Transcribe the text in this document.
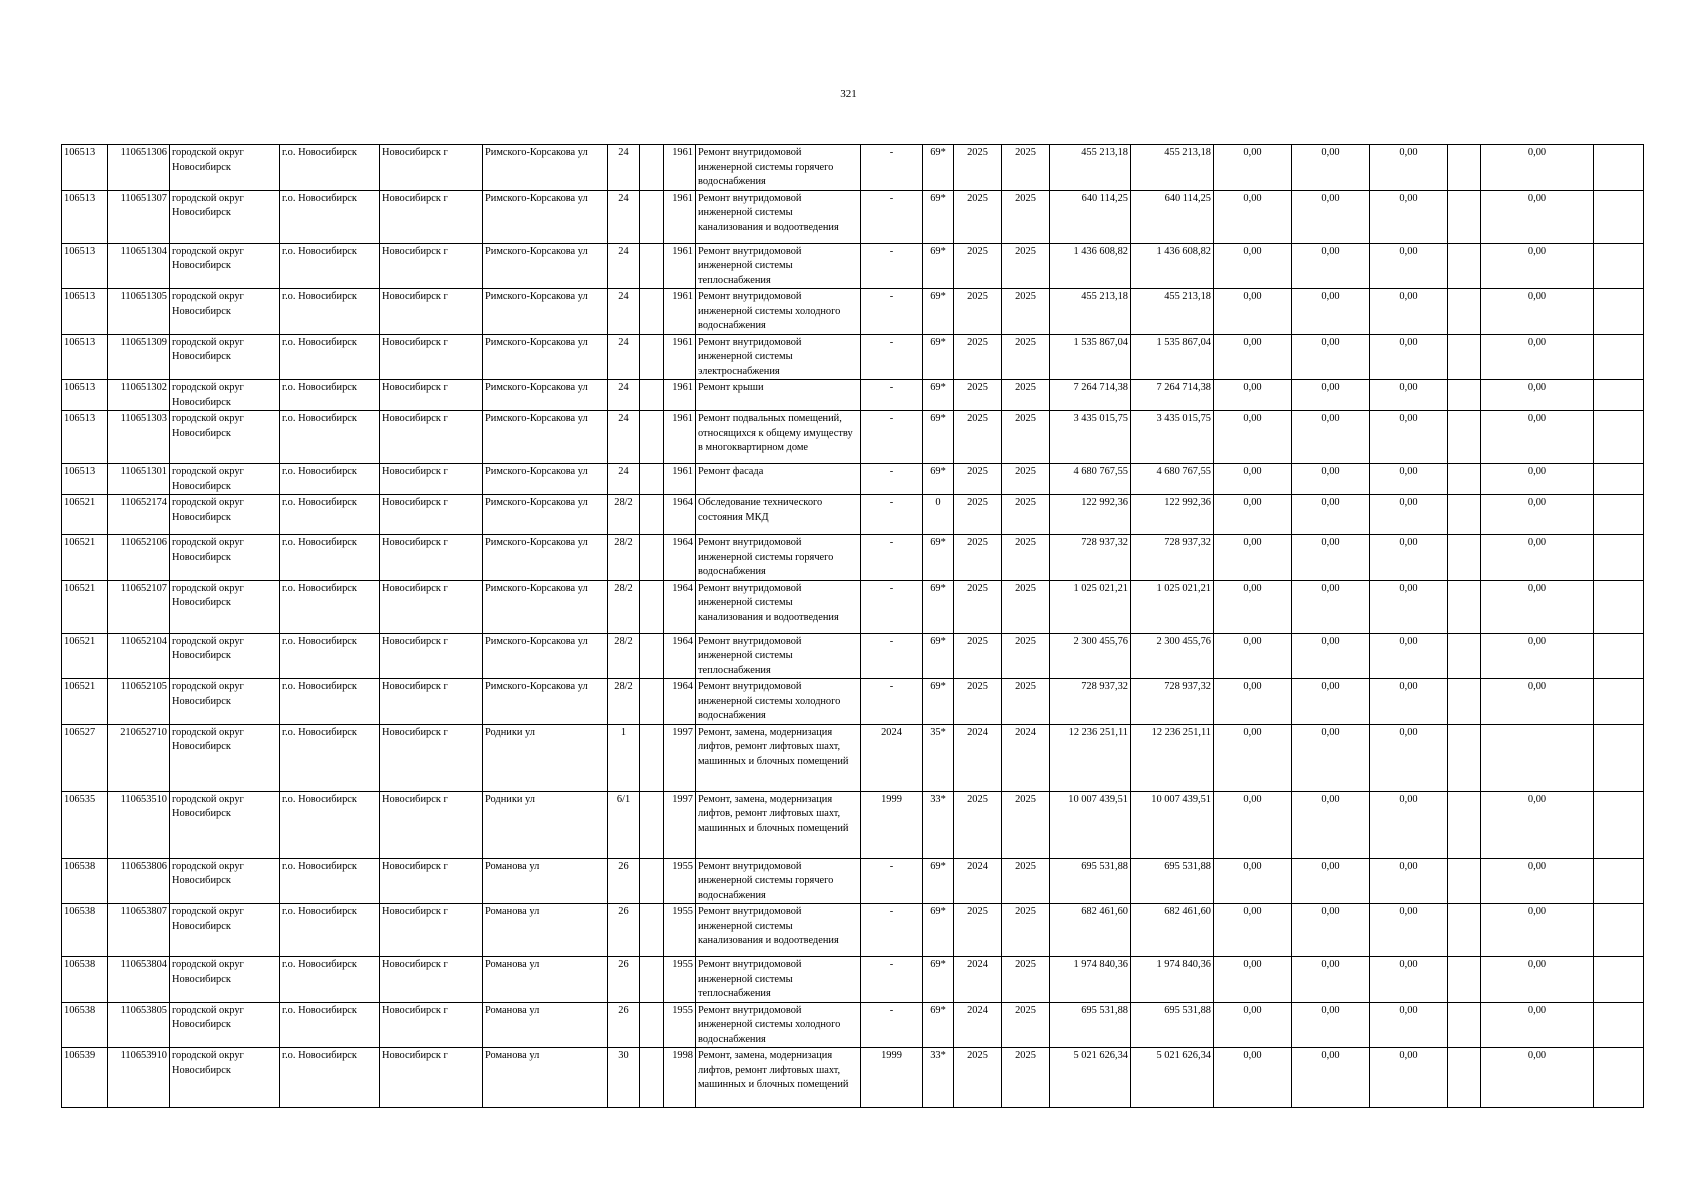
321
106513	110651306	городской округ Новосибирск	г.о. Новосибирск	Новосибирск г	Римского-Корсакова ул	24		1961	Ремонт внутридомовой инженерной системы горячего водоснабжения	-	69*	2025	2025	455 213,18	455 213,18	0,00	0,00	0,00		0,00	
106513	110651307	городской округ Новосибирск	г.о. Новосибирск	Новосибирск г	Римского-Корсакова ул	24		1961	Ремонт внутридомовой инженерной системы канализования и водоотведения	-	69*	2025	2025	640 114,25	640 114,25	0,00	0,00	0,00		0,00	
106513	110651304	городской округ Новосибирск	г.о. Новосибирск	Новосибирск г	Римского-Корсакова ул	24		1961	Ремонт внутридомовой инженерной системы теплоснабжения	-	69*	2025	2025	1 436 608,82	1 436 608,82	0,00	0,00	0,00		0,00	
106513	110651305	городской округ Новосибирск	г.о. Новосибирск	Новосибирск г	Римского-Корсакова ул	24		1961	Ремонт внутридомовой инженерной системы холодного водоснабжения	-	69*	2025	2025	455 213,18	455 213,18	0,00	0,00	0,00		0,00	
106513	110651309	городской округ Новосибирск	г.о. Новосибирск	Новосибирск г	Римского-Корсакова ул	24		1961	Ремонт внутридомовой инженерной системы электроснабжения	-	69*	2025	2025	1 535 867,04	1 535 867,04	0,00	0,00	0,00		0,00	
106513	110651302	городской округ Новосибирск	г.о. Новосибирск	Новосибирск г	Римского-Корсакова ул	24		1961	Ремонт крыши	-	69*	2025	2025	7 264 714,38	7 264 714,38	0,00	0,00	0,00		0,00	
106513	110651303	городской округ Новосибирск	г.о. Новосибирск	Новосибирск г	Римского-Корсакова ул	24		1961	Ремонт подвальных помещений, относящихся к общему имуществу в многоквартирном доме	-	69*	2025	2025	3 435 015,75	3 435 015,75	0,00	0,00	0,00		0,00	
106513	110651301	городской округ Новосибирск	г.о. Новосибирск	Новосибирск г	Римского-Корсакова ул	24		1961	Ремонт фасада	-	69*	2025	2025	4 680 767,55	4 680 767,55	0,00	0,00	0,00		0,00	
106521	110652174	городской округ Новосибирск	г.о. Новосибирск	Новосибирск г	Римского-Корсакова ул	28/2		1964	Обследование технического состояния МКД	-	0	2025	2025	122 992,36	122 992,36	0,00	0,00	0,00		0,00	
106521	110652106	городской округ Новосибирск	г.о. Новосибирск	Новосибирск г	Римского-Корсакова ул	28/2		1964	Ремонт внутридомовой инженерной системы горячего водоснабжения	-	69*	2025	2025	728 937,32	728 937,32	0,00	0,00	0,00		0,00	
106521	110652107	городской округ Новосибирск	г.о. Новосибирск	Новосибирск г	Римского-Корсакова ул	28/2		1964	Ремонт внутридомовой инженерной системы канализования и водоотведения	-	69*	2025	2025	1 025 021,21	1 025 021,21	0,00	0,00	0,00		0,00	
106521	110652104	городской округ Новосибирск	г.о. Новосибирск	Новосибирск г	Римского-Корсакова ул	28/2		1964	Ремонт внутридомовой инженерной системы теплоснабжения	-	69*	2025	2025	2 300 455,76	2 300 455,76	0,00	0,00	0,00		0,00	
106521	110652105	городской округ Новосибирск	г.о. Новосибирск	Новосибирск г	Римского-Корсакова ул	28/2		1964	Ремонт внутридомовой инженерной системы холодного водоснабжения	-	69*	2025	2025	728 937,32	728 937,32	0,00	0,00	0,00		0,00	
106527	210652710	городской округ Новосибирск	г.о. Новосибирск	Новосибирск г	Родники ул	1		1997	Ремонт, замена, модернизация лифтов, ремонт лифтовых шахт, машинных и блочных помещений	2024	35*	2024	2024	12 236 251,11	12 236 251,11	0,00	0,00	0,00			
106535	110653510	городской округ Новосибирск	г.о. Новосибирск	Новосибирск г	Родники ул	6/1		1997	Ремонт, замена, модернизация лифтов, ремонт лифтовых шахт, машинных и блочных помещений	1999	33*	2025	2025	10 007 439,51	10 007 439,51	0,00	0,00	0,00		0,00	
106538	110653806	городской округ Новосибирск	г.о. Новосибирск	Новосибирск г	Романова ул	26		1955	Ремонт внутридомовой инженерной системы горячего водоснабжения	-	69*	2024	2025	695 531,88	695 531,88	0,00	0,00	0,00		0,00	
106538	110653807	городской округ Новосибирск	г.о. Новосибирск	Новосибирск г	Романова ул	26		1955	Ремонт внутридомовой инженерной системы канализования и водоотведения	-	69*	2025	2025	682 461,60	682 461,60	0,00	0,00	0,00		0,00	
106538	110653804	городской округ Новосибирск	г.о. Новосибирск	Новосибирск г	Романова ул	26		1955	Ремонт внутридомовой инженерной системы теплоснабжения	-	69*	2024	2025	1 974 840,36	1 974 840,36	0,00	0,00	0,00		0,00	
106538	110653805	городской округ Новосибирск	г.о. Новосибирск	Новосибирск г	Романова ул	26		1955	Ремонт внутридомовой инженерной системы холодного водоснабжения	-	69*	2024	2025	695 531,88	695 531,88	0,00	0,00	0,00		0,00	
106539	110653910	городской округ Новосибирск	г.о. Новосибирск	Новосибирск г	Романова ул	30		1998	Ремонт, замена, модернизация лифтов, ремонт лифтовых шахт, машинных и блочных помещений	1999	33*	2025	2025	5 021 626,34	5 021 626,34	0,00	0,00	0,00		0,00	
